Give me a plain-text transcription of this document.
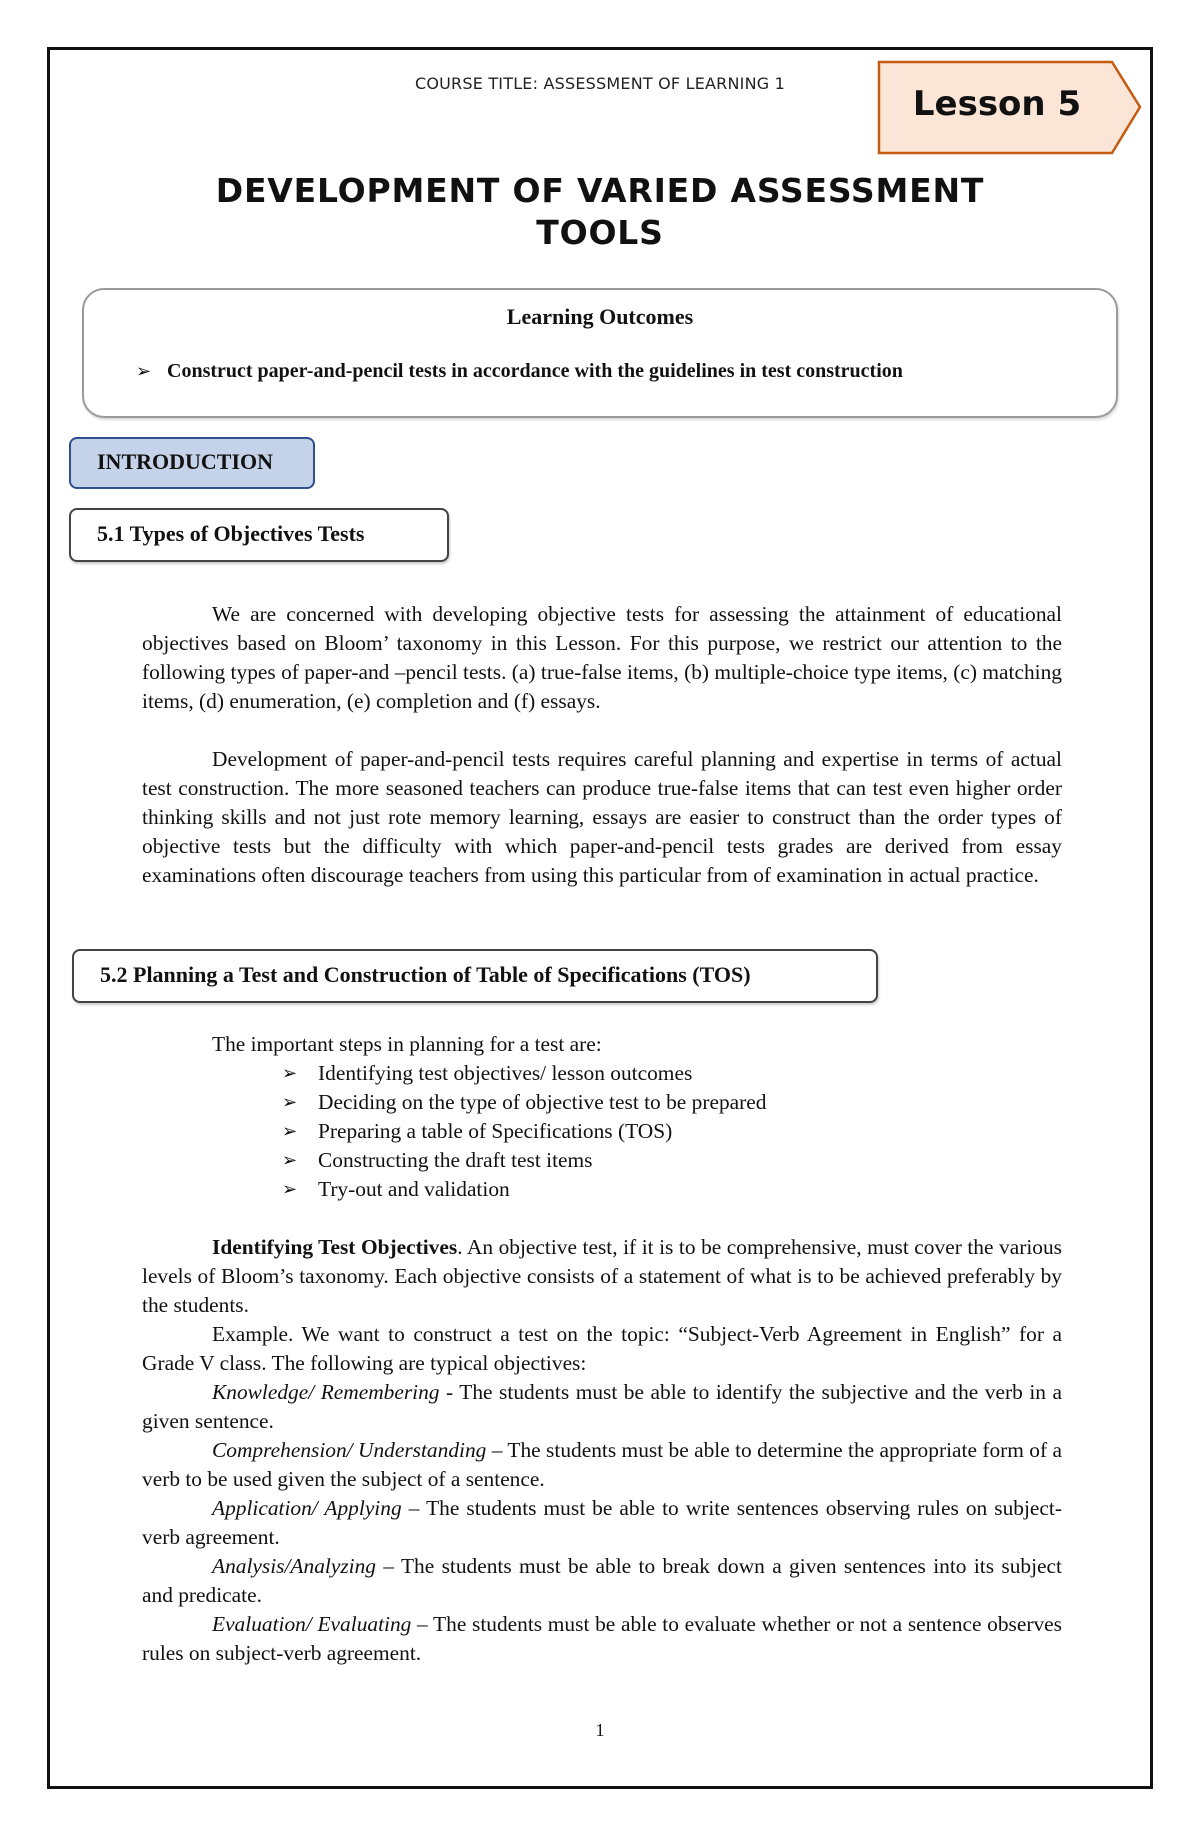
COURSE TITLE: ASSESSMENT OF LEARNING 1
Lesson 5
DEVELOPMENT OF VARIED ASSESSMENT
TOOLS
Learning Outcomes
➢ Construct paper-and-pencil tests in accordance with the guidelines in test construction
INTRODUCTION
5.1 Types of Objectives Tests

We are concerned with developing objective tests for assessing the attainment of educational objectives based on Bloom’ taxonomy in this Lesson. For this purpose, we restrict our attention to the following types of paper-and –pencil tests. (a) true-false items, (b) multiple-choice type items, (c) matching items, (d) enumeration, (e) completion and (f) essays.

Development of paper-and-pencil tests requires careful planning and expertise in terms of actual test construction. The more seasoned teachers can produce true-false items that can test even higher order thinking skills and not just rote memory learning, essays are easier to construct than the order types of objective tests but the difficulty with which paper-and-pencil tests grades are derived from essay examinations often discourage teachers from using this particular from of examination in actual practice.

5.2 Planning a Test and Construction of Table of Specifications (TOS)
The important steps in planning for a test are:
➢ Identifying test objectives/ lesson outcomes
➢ Deciding on the type of objective test to be prepared
➢ Preparing a table of Specifications (TOS)
➢ Constructing the draft test items
➢ Try-out and validation

Identifying Test Objectives. An objective test, if it is to be comprehensive, must cover the various levels of Bloom’s taxonomy. Each objective consists of a statement of what is to be achieved preferably by the students.

Example. We want to construct a test on the topic: “Subject-Verb Agreement in English” for a Grade V class. The following are typical objectives:

Knowledge/ Remembering - The students must be able to identify the subjective and the verb in a given sentence.

Comprehension/ Understanding – The students must be able to determine the appropriate form of a verb to be used given the subject of a sentence.

Application/ Applying – The students must be able to write sentences observing rules on subject-verb agreement.

Analysis/Analyzing – The students must be able to break down a given sentences into its subject and predicate.

Evaluation/ Evaluating – The students must be able to evaluate whether or not a sentence observes rules on subject-verb agreement.

1
